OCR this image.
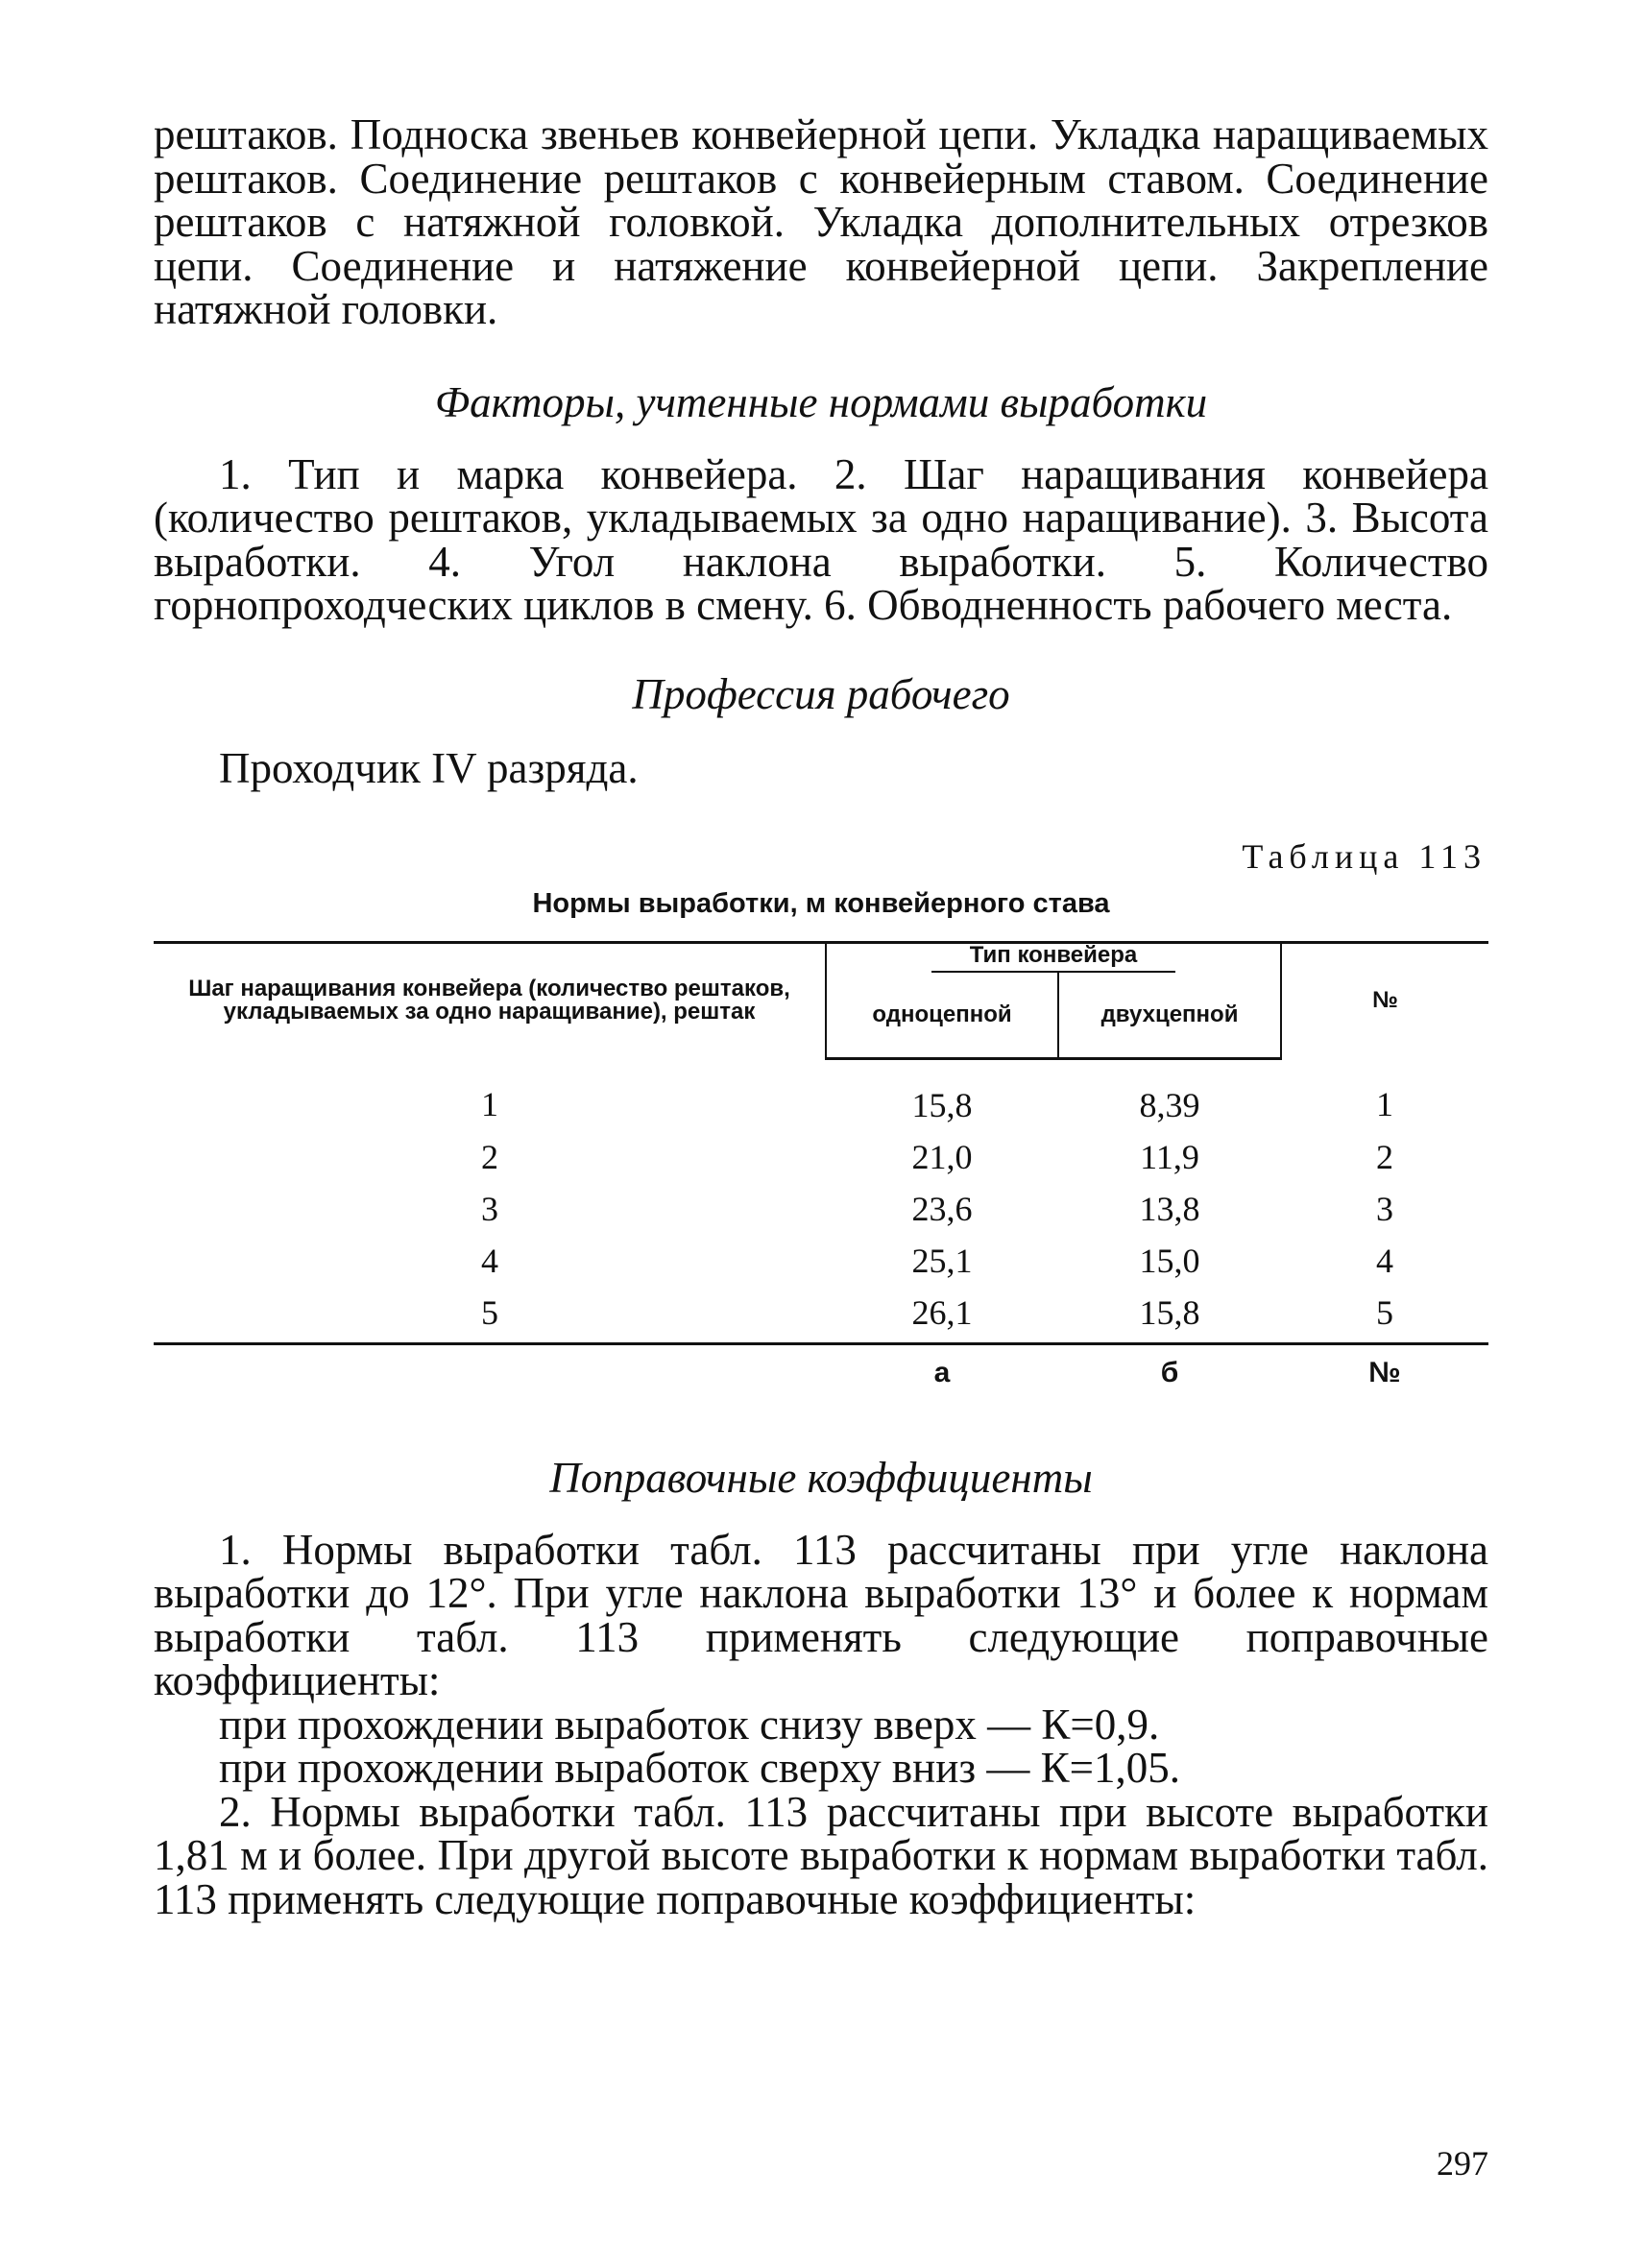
рештаков. Подноска звеньев конвейерной цепи. Укладка наращиваемых рештаков. Соединение рештаков с конвейерным ставом. Соединение рештаков с натяжной головкой. Укладка дополнительных отрезков цепи. Соединение и натяжение конвейерной цепи. Закрепление натяжной головки.

Факторы, учтенные нормами выработки

1. Тип и марка конвейера. 2. Шаг наращивания конвейера (количество рештаков, укладываемых за одно наращивание). 3. Высота выработки. 4. Угол наклона выработки. 5. Количество горнопроходческих циклов в смену. 6. Обводненность рабочего места.

Профессия рабочего

Проходчик IV разряда.

Таблица 113

Нормы выработки, м конвейерного става

Шаг наращивания конвейера (количество рештаков, укладываемых за одно наращивание), рештак	Тип конвейера		№
	одноцепной	двухцепной	
1	15,8	8,39	1
2	21,0	11,9	2
3	23,6	13,8	3
4	25,1	15,0	4
5	26,1	15,8	5
	а	б	№

Поправочные коэффициенты

1. Нормы выработки табл. 113 рассчитаны при угле наклона выработки до 12°. При угле наклона выработки 13° и более к нормам выработки табл. 113 применять следующие поправочные коэффициенты:

при прохождении выработок снизу вверх — К=0,9.

при прохождении выработок сверху вниз — К=1,05.

2. Нормы выработки табл. 113 рассчитаны при высоте выработки 1,81 м и более. При другой высоте выработки к нормам выработки табл. 113 применять следующие поправочные коэффициенты:

297
